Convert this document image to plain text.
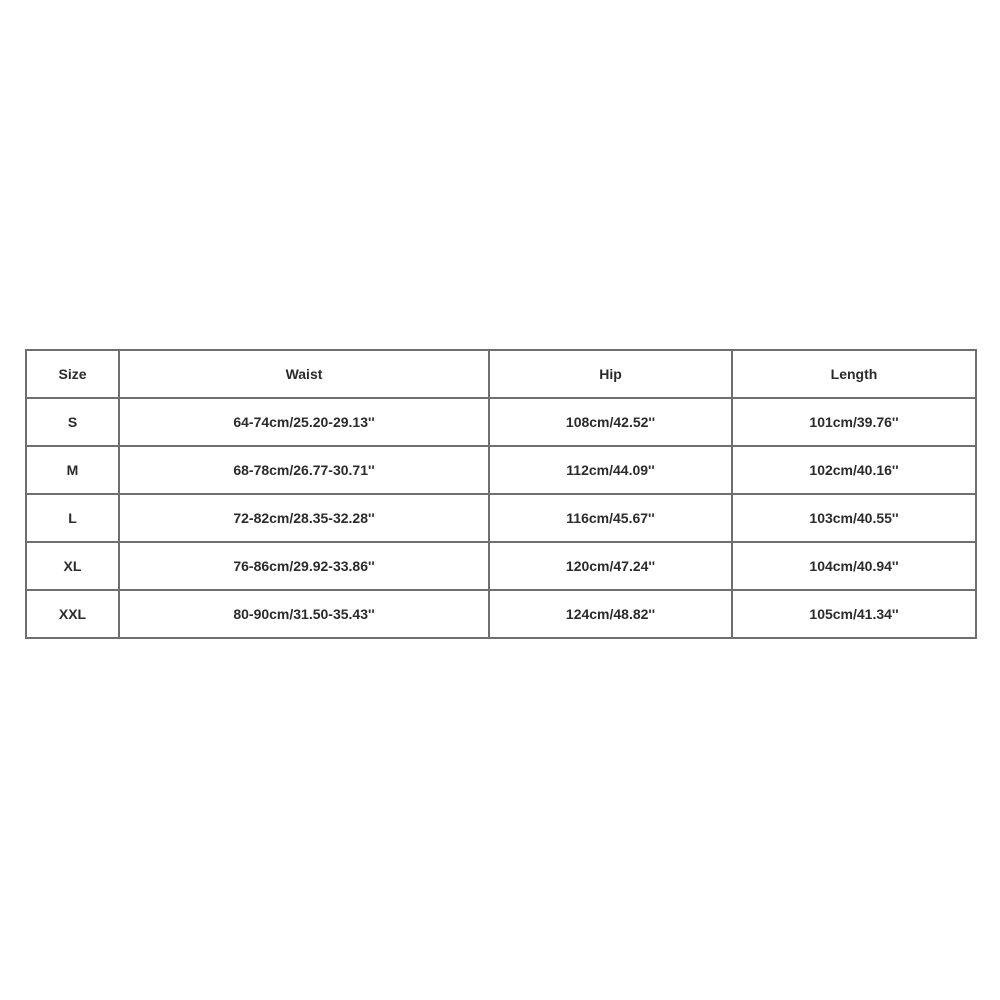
Size	Waist	Hip	Length
S	64-74cm/25.20-29.13''	108cm/42.52''	101cm/39.76''
M	68-78cm/26.77-30.71''	112cm/44.09''	102cm/40.16''
L	72-82cm/28.35-32.28''	116cm/45.67''	103cm/40.55''
XL	76-86cm/29.92-33.86''	120cm/47.24''	104cm/40.94''
XXL	80-90cm/31.50-35.43''	124cm/48.82''	105cm/41.34''
